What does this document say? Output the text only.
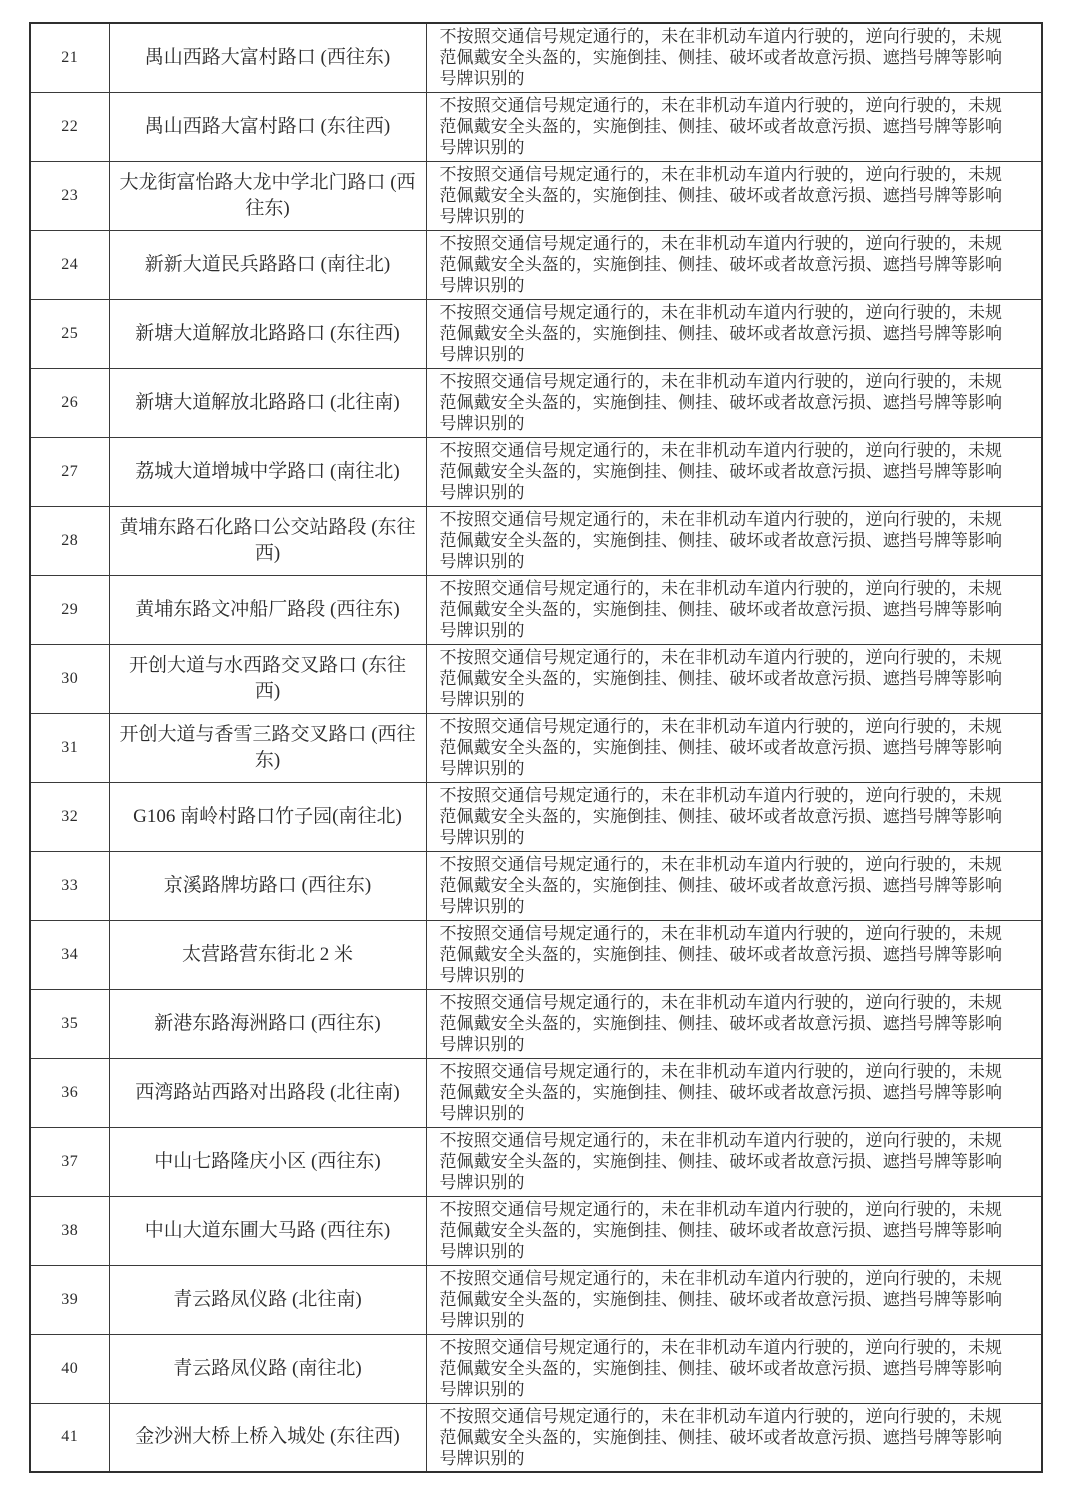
21	禺山西路大富村路口 (西往东)	不按照交通信号规定通行的，未在非机动车道内行驶的，逆向行驶的，未规范佩戴安全头盔的，实施倒挂、侧挂、破坏或者故意污损、遮挡号牌等影响号牌识别的
22	禺山西路大富村路口 (东往西)	不按照交通信号规定通行的，未在非机动车道内行驶的，逆向行驶的，未规范佩戴安全头盔的，实施倒挂、侧挂、破坏或者故意污损、遮挡号牌等影响号牌识别的
23	大龙街富怡路大龙中学北门路口 (西往东)	不按照交通信号规定通行的，未在非机动车道内行驶的，逆向行驶的，未规范佩戴安全头盔的，实施倒挂、侧挂、破坏或者故意污损、遮挡号牌等影响号牌识别的
24	新新大道民兵路路口 (南往北)	不按照交通信号规定通行的，未在非机动车道内行驶的，逆向行驶的，未规范佩戴安全头盔的，实施倒挂、侧挂、破坏或者故意污损、遮挡号牌等影响号牌识别的
25	新塘大道解放北路路口 (东往西)	不按照交通信号规定通行的，未在非机动车道内行驶的，逆向行驶的，未规范佩戴安全头盔的，实施倒挂、侧挂、破坏或者故意污损、遮挡号牌等影响号牌识别的
26	新塘大道解放北路路口 (北往南)	不按照交通信号规定通行的，未在非机动车道内行驶的，逆向行驶的，未规范佩戴安全头盔的，实施倒挂、侧挂、破坏或者故意污损、遮挡号牌等影响号牌识别的
27	荔城大道增城中学路口 (南往北)	不按照交通信号规定通行的，未在非机动车道内行驶的，逆向行驶的，未规范佩戴安全头盔的，实施倒挂、侧挂、破坏或者故意污损、遮挡号牌等影响号牌识别的
28	黄埔东路石化路口公交站路段 (东往西)	不按照交通信号规定通行的，未在非机动车道内行驶的，逆向行驶的，未规范佩戴安全头盔的，实施倒挂、侧挂、破坏或者故意污损、遮挡号牌等影响号牌识别的
29	黄埔东路文冲船厂路段 (西往东)	不按照交通信号规定通行的，未在非机动车道内行驶的，逆向行驶的，未规范佩戴安全头盔的，实施倒挂、侧挂、破坏或者故意污损、遮挡号牌等影响号牌识别的
30	开创大道与水西路交叉路口 (东往西)	不按照交通信号规定通行的，未在非机动车道内行驶的，逆向行驶的，未规范佩戴安全头盔的，实施倒挂、侧挂、破坏或者故意污损、遮挡号牌等影响号牌识别的
31	开创大道与香雪三路交叉路口 (西往东)	不按照交通信号规定通行的，未在非机动车道内行驶的，逆向行驶的，未规范佩戴安全头盔的，实施倒挂、侧挂、破坏或者故意污损、遮挡号牌等影响号牌识别的
32	G106 南岭村路口竹子园(南往北)	不按照交通信号规定通行的，未在非机动车道内行驶的，逆向行驶的，未规范佩戴安全头盔的，实施倒挂、侧挂、破坏或者故意污损、遮挡号牌等影响号牌识别的
33	京溪路牌坊路口 (西往东)	不按照交通信号规定通行的，未在非机动车道内行驶的，逆向行驶的，未规范佩戴安全头盔的，实施倒挂、侧挂、破坏或者故意污损、遮挡号牌等影响号牌识别的
34	太营路营东街北 2 米	不按照交通信号规定通行的，未在非机动车道内行驶的，逆向行驶的，未规范佩戴安全头盔的，实施倒挂、侧挂、破坏或者故意污损、遮挡号牌等影响号牌识别的
35	新港东路海洲路口 (西往东)	不按照交通信号规定通行的，未在非机动车道内行驶的，逆向行驶的，未规范佩戴安全头盔的，实施倒挂、侧挂、破坏或者故意污损、遮挡号牌等影响号牌识别的
36	西湾路站西路对出路段 (北往南)	不按照交通信号规定通行的，未在非机动车道内行驶的，逆向行驶的，未规范佩戴安全头盔的，实施倒挂、侧挂、破坏或者故意污损、遮挡号牌等影响号牌识别的
37	中山七路隆庆小区 (西往东)	不按照交通信号规定通行的，未在非机动车道内行驶的，逆向行驶的，未规范佩戴安全头盔的，实施倒挂、侧挂、破坏或者故意污损、遮挡号牌等影响号牌识别的
38	中山大道东圃大马路 (西往东)	不按照交通信号规定通行的，未在非机动车道内行驶的，逆向行驶的，未规范佩戴安全头盔的，实施倒挂、侧挂、破坏或者故意污损、遮挡号牌等影响号牌识别的
39	青云路凤仪路 (北往南)	不按照交通信号规定通行的，未在非机动车道内行驶的，逆向行驶的，未规范佩戴安全头盔的，实施倒挂、侧挂、破坏或者故意污损、遮挡号牌等影响号牌识别的
40	青云路凤仪路 (南往北)	不按照交通信号规定通行的，未在非机动车道内行驶的，逆向行驶的，未规范佩戴安全头盔的，实施倒挂、侧挂、破坏或者故意污损、遮挡号牌等影响号牌识别的
41	金沙洲大桥上桥入城处 (东往西)	不按照交通信号规定通行的，未在非机动车道内行驶的，逆向行驶的，未规范佩戴安全头盔的，实施倒挂、侧挂、破坏或者故意污损、遮挡号牌等影响号牌识别的
